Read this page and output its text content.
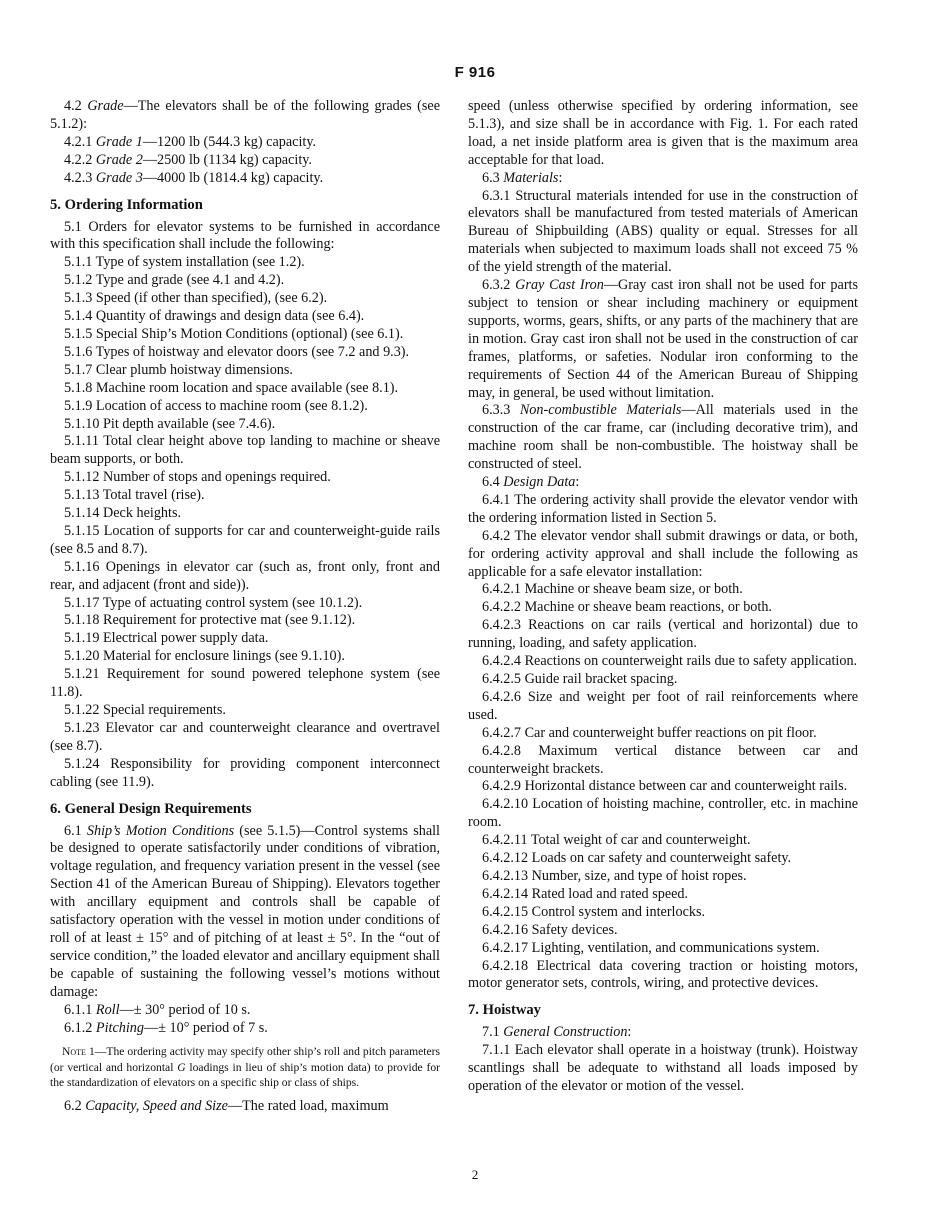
F 916

4.2 Grade—The elevators shall be of the following grades (see 5.1.2):

4.2.1 Grade 1—1200 lb (544.3 kg) capacity.

4.2.2 Grade 2—2500 lb (1134 kg) capacity.

4.2.3 Grade 3—4000 lb (1814.4 kg) capacity.

5. Ordering Information

5.1 Orders for elevator systems to be furnished in accordance with this specification shall include the following:

5.1.1 Type of system installation (see 1.2).

5.1.2 Type and grade (see 4.1 and 4.2).

5.1.3 Speed (if other than specified), (see 6.2).

5.1.4 Quantity of drawings and design data (see 6.4).

5.1.5 Special Ship’s Motion Conditions (optional) (see 6.1).

5.1.6 Types of hoistway and elevator doors (see 7.2 and 9.3).

5.1.7 Clear plumb hoistway dimensions.

5.1.8 Machine room location and space available (see 8.1).

5.1.9 Location of access to machine room (see 8.1.2).

5.1.10 Pit depth available (see 7.4.6).

5.1.11 Total clear height above top landing to machine or sheave beam supports, or both.

5.1.12 Number of stops and openings required.

5.1.13 Total travel (rise).

5.1.14 Deck heights.

5.1.15 Location of supports for car and counterweight-guide rails (see 8.5 and 8.7).

5.1.16 Openings in elevator car (such as, front only, front and rear, and adjacent (front and side)).

5.1.17 Type of actuating control system (see 10.1.2).

5.1.18 Requirement for protective mat (see 9.1.12).

5.1.19 Electrical power supply data.

5.1.20 Material for enclosure linings (see 9.1.10).

5.1.21 Requirement for sound powered telephone system (see 11.8).

5.1.22 Special requirements.

5.1.23 Elevator car and counterweight clearance and overtravel (see 8.7).

5.1.24 Responsibility for providing component interconnect cabling (see 11.9).

6. General Design Requirements

6.1 Ship’s Motion Conditions (see 5.1.5)—Control systems shall be designed to operate satisfactorily under conditions of vibration, voltage regulation, and frequency variation present in the vessel (see Section 41 of the American Bureau of Shipping). Elevators together with ancillary equipment and controls shall be capable of satisfactory operation with the vessel in motion under conditions of roll of at least ± 15° and of pitching of at least ± 5°. In the “out of service condition,” the loaded elevator and ancillary equipment shall be capable of sustaining the following vessel’s motions without damage:

6.1.1 Roll—± 30° period of 10 s.

6.1.2 Pitching—± 10° period of 7 s.

Note 1—The ordering activity may specify other ship’s roll and pitch parameters (or vertical and horizontal G loadings in lieu of ship’s motion data) to provide for the standardization of elevators on a specific ship or class of ships.

6.2 Capacity, Speed and Size—The rated load, maximum

speed (unless otherwise specified by ordering information, see 5.1.3), and size shall be in accordance with Fig. 1. For each rated load, a net inside platform area is given that is the maximum area acceptable for that load.

6.3 Materials:

6.3.1 Structural materials intended for use in the construction of elevators shall be manufactured from tested materials of American Bureau of Shipbuilding (ABS) quality or equal. Stresses for all materials when subjected to maximum loads shall not exceed 75 % of the yield strength of the material.

6.3.2 Gray Cast Iron—Gray cast iron shall not be used for parts subject to tension or shear including machinery or equipment supports, worms, gears, shifts, or any parts of the machinery that are in motion. Gray cast iron shall not be used in the construction of car frames, platforms, or safeties. Nodular iron conforming to the requirements of Section 44 of the American Bureau of Shipping may, in general, be used without limitation.

6.3.3 Non-combustible Materials—All materials used in the construction of the car frame, car (including decorative trim), and machine room shall be non-combustible. The hoistway shall be constructed of steel.

6.4 Design Data:

6.4.1 The ordering activity shall provide the elevator vendor with the ordering information listed in Section 5.

6.4.2 The elevator vendor shall submit drawings or data, or both, for ordering activity approval and shall include the following as applicable for a safe elevator installation:

6.4.2.1 Machine or sheave beam size, or both.

6.4.2.2 Machine or sheave beam reactions, or both.

6.4.2.3 Reactions on car rails (vertical and horizontal) due to running, loading, and safety application.

6.4.2.4 Reactions on counterweight rails due to safety application.

6.4.2.5 Guide rail bracket spacing.

6.4.2.6 Size and weight per foot of rail reinforcements where used.

6.4.2.7 Car and counterweight buffer reactions on pit floor.

6.4.2.8 Maximum vertical distance between car and counterweight brackets.

6.4.2.9 Horizontal distance between car and counterweight rails.

6.4.2.10 Location of hoisting machine, controller, etc. in machine room.

6.4.2.11 Total weight of car and counterweight.

6.4.2.12 Loads on car safety and counterweight safety.

6.4.2.13 Number, size, and type of hoist ropes.

6.4.2.14 Rated load and rated speed.

6.4.2.15 Control system and interlocks.

6.4.2.16 Safety devices.

6.4.2.17 Lighting, ventilation, and communications system.

6.4.2.18 Electrical data covering traction or hoisting motors, motor generator sets, controls, wiring, and protective devices.

7. Hoistway

7.1 General Construction:

7.1.1 Each elevator shall operate in a hoistway (trunk). Hoistway scantlings shall be adequate to withstand all loads imposed by operation of the elevator or motion of the vessel.

2
